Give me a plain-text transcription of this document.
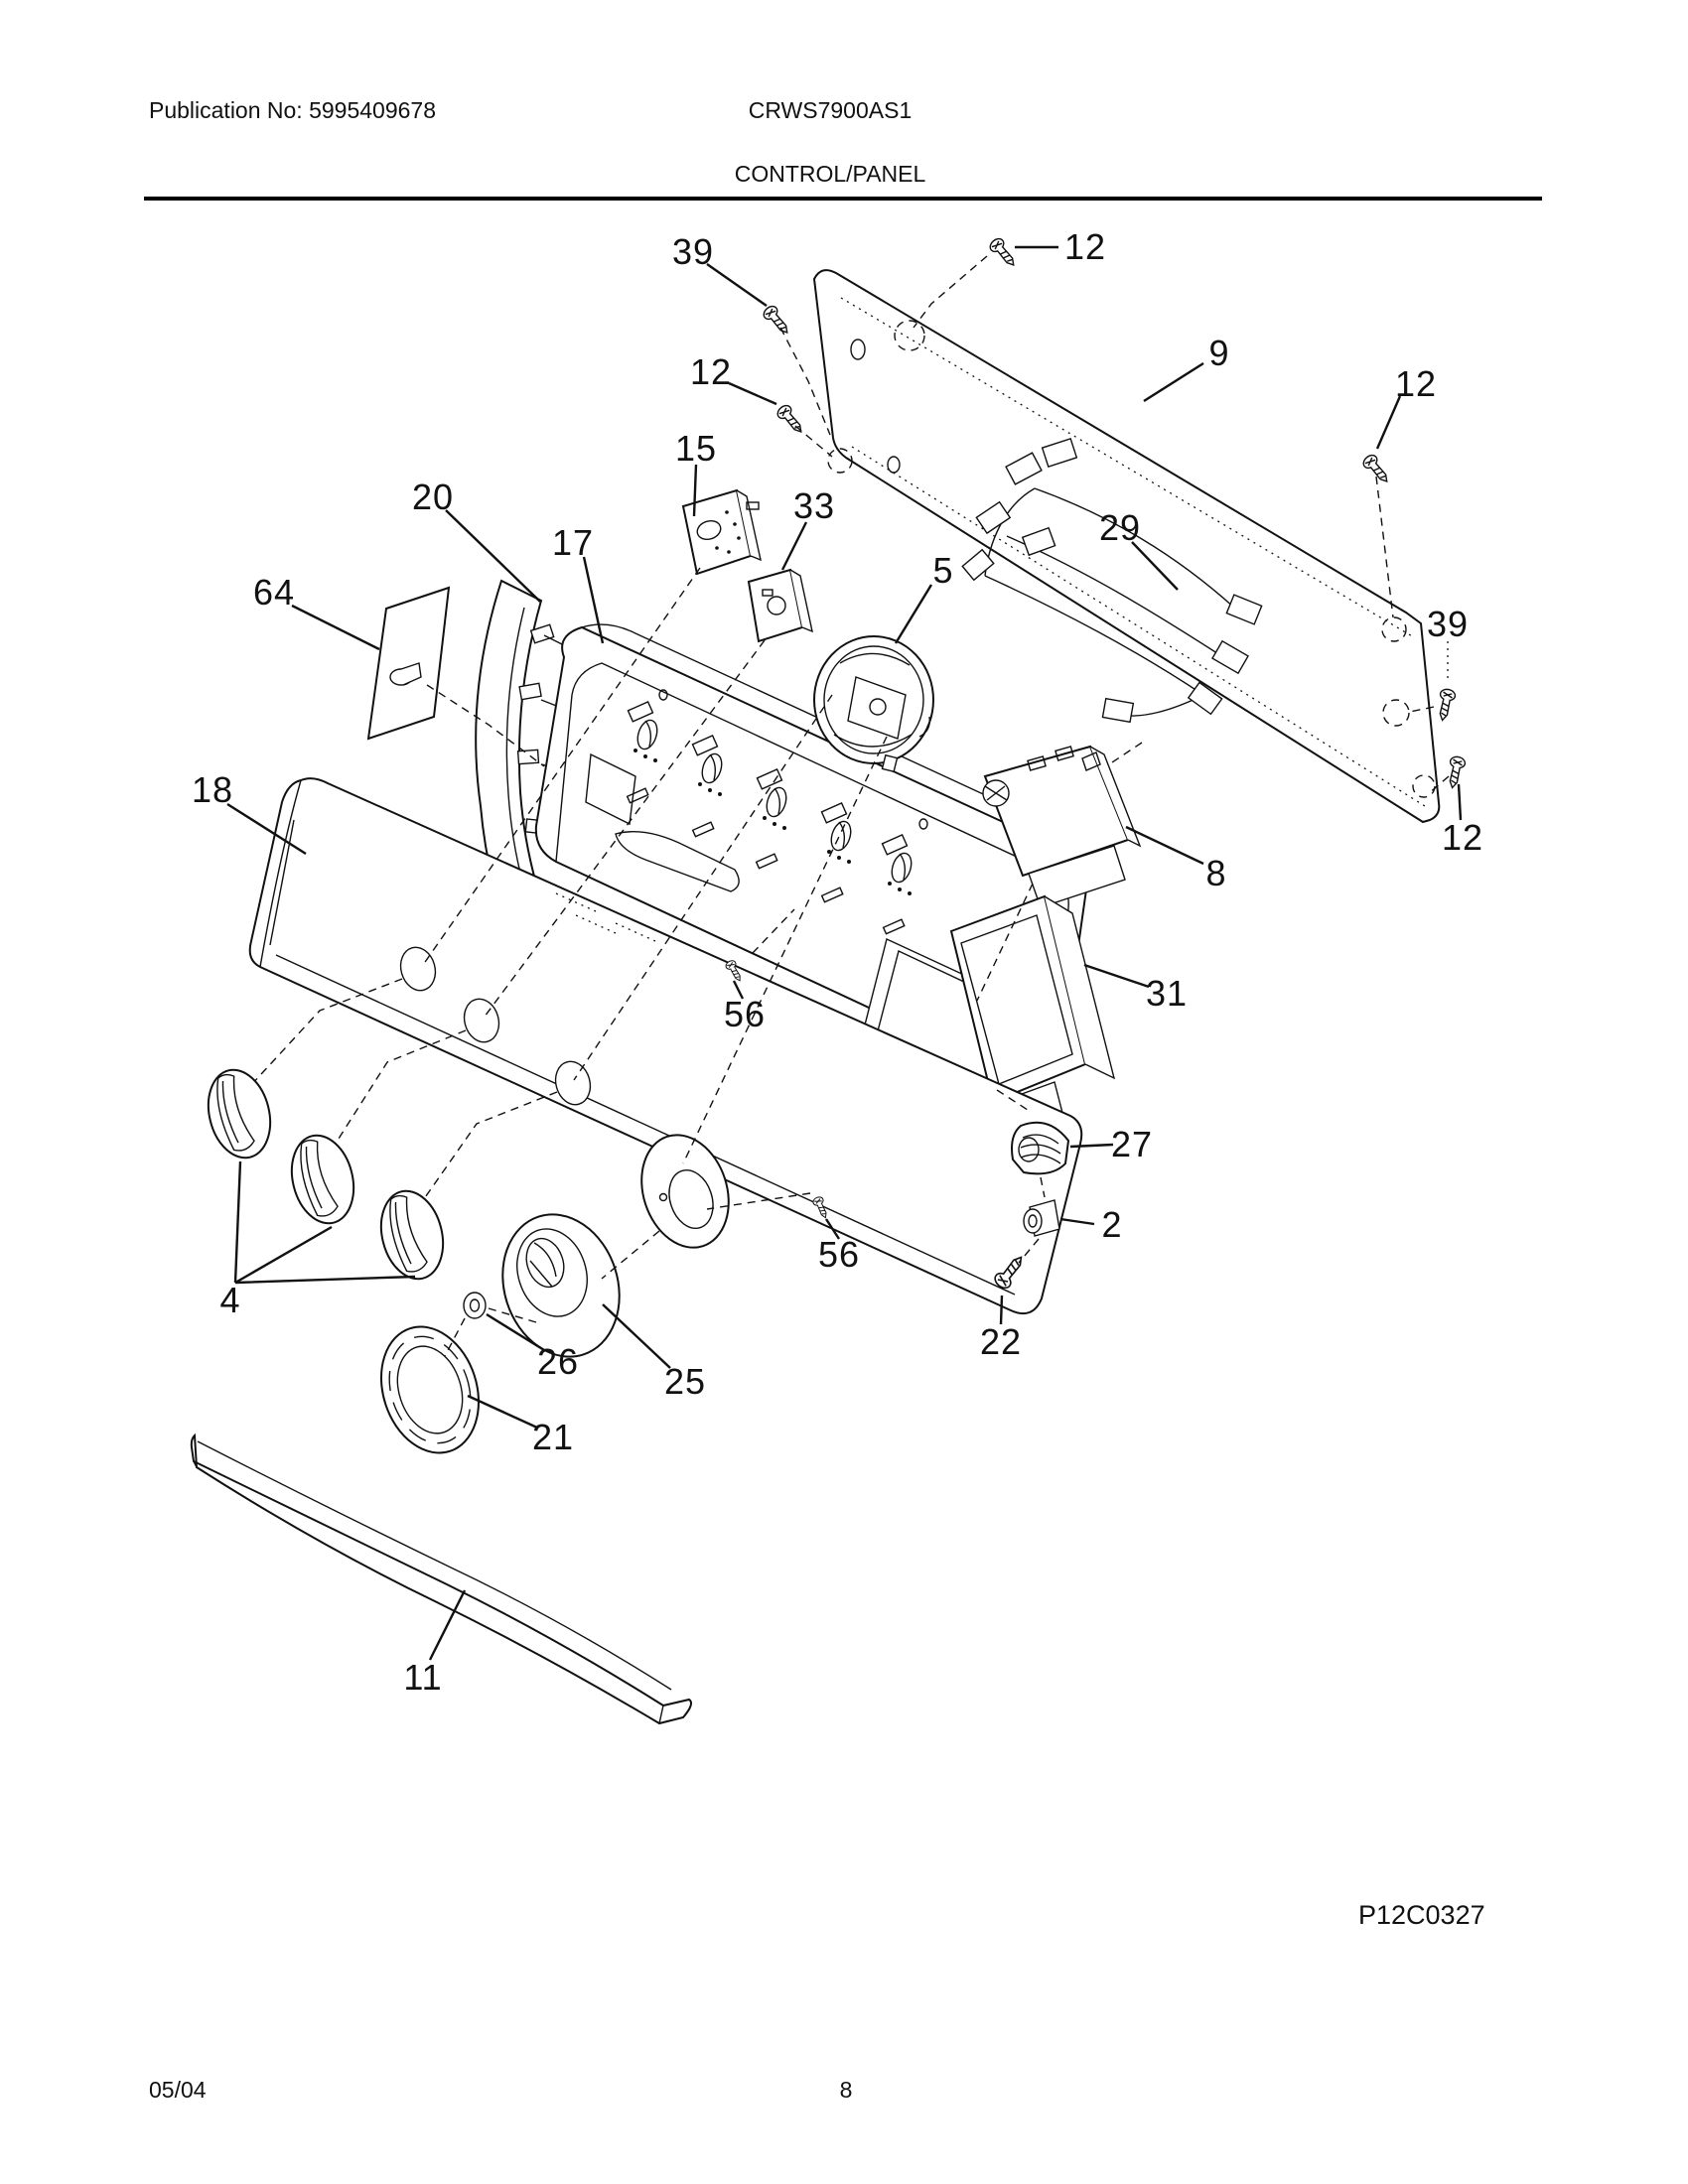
Publication No: 5995409678	CRWS7900AS1
CONTROL/PANEL
39	12
9
12
12
15
20
17
33
5
29
64
39
18
12
8
31
56
27
2
4
56
22
26 25
21
11
P12C0327
05/04	8
